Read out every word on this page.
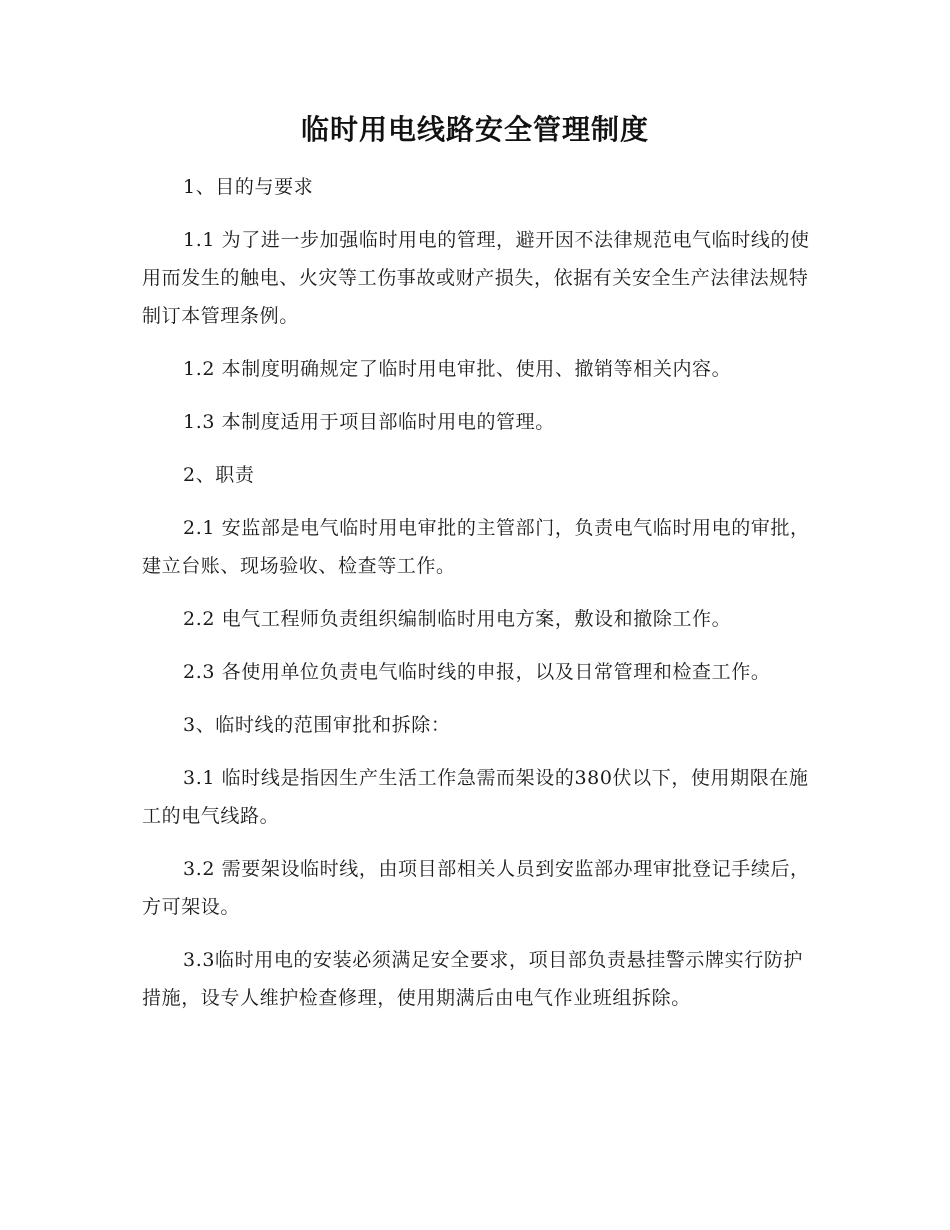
临时用电线路安全管理制度

1、目的与要求

1.1 为了进一步加强临时用电的管理，避开因不法律规范电气临时线的使用而发生的触电、火灾等工伤事故或财产损失，依据有关安全生产法律法规特制订本管理条例。

1.2 本制度明确规定了临时用电审批、使用、撤销等相关内容。

1.3 本制度适用于项目部临时用电的管理。

2、职责

2.1 安监部是电气临时用电审批的主管部门，负责电气临时用电的审批，建立台账、现场验收、检查等工作。

2.2 电气工程师负责组织编制临时用电方案，敷设和撤除工作。

2.3 各使用单位负责电气临时线的申报，以及日常管理和检查工作。

3、临时线的范围审批和拆除：

3.1 临时线是指因生产生活工作急需而架设的380伏以下，使用期限在施工的电气线路。

3.2 需要架设临时线，由项目部相关人员到安监部办理审批登记手续后，方可架设。

3.3临时用电的安装必须满足安全要求，项目部负责悬挂警示牌实行防护措施，设专人维护检查修理，使用期满后由电气作业班组拆除。
